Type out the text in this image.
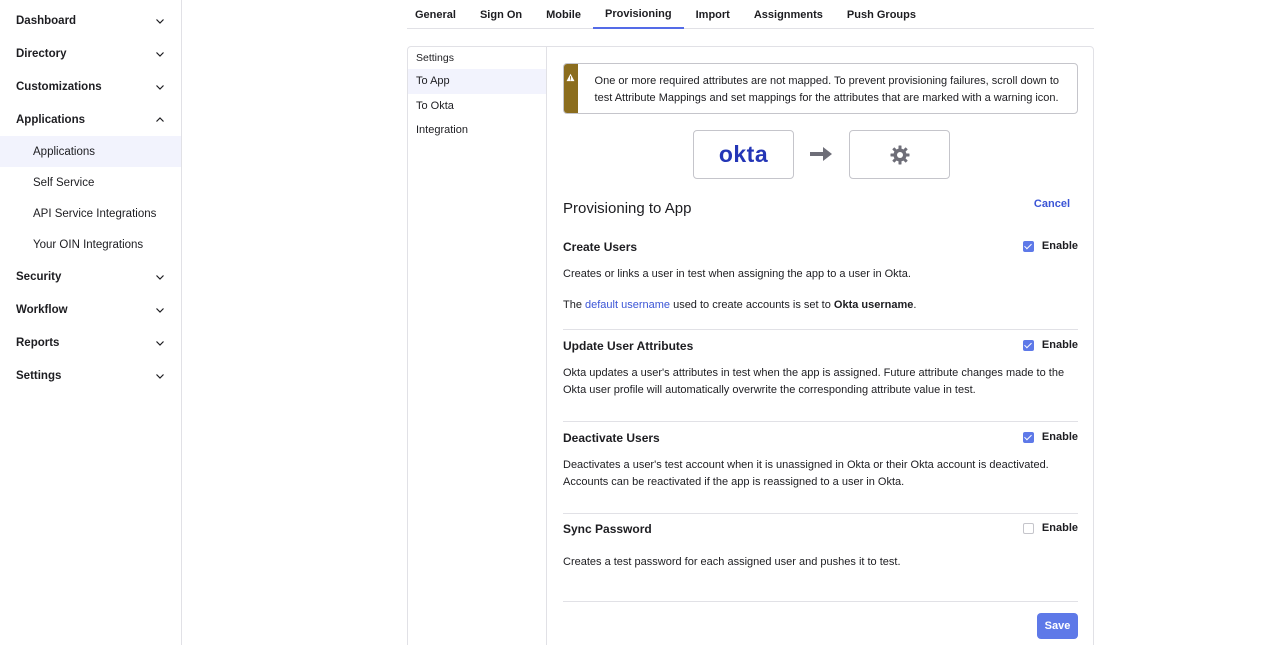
Dashboard
Directory
Customizations
Applications
Applications
Self Service
API Service Integrations
Your OIN Integrations
Security
Workflow
Reports
Settings
General	Sign On	Mobile	Provisioning	Import	Assignments	Push Groups
Settings
To App
To Okta
Integration
One or more required attributes are not mapped. To prevent provisioning failures, scroll down to test Attribute Mappings and set mappings for the attributes that are marked with a warning icon.
okta
Cancel
Provisioning to App
Create Users	Enable
Creates or links a user in test when assigning the app to a user in Okta.
The default username used to create accounts is set to Okta username.
Update User Attributes	Enable
Okta updates a user's attributes in test when the app is assigned. Future attribute changes made to the Okta user profile will automatically overwrite the corresponding attribute value in test.
Deactivate Users	Enable
Deactivates a user's test account when it is unassigned in Okta or their Okta account is deactivated. Accounts can be reactivated if the app is reassigned to a user in Okta.
Sync Password	Enable
Creates a test password for each assigned user and pushes it to test.
Save
